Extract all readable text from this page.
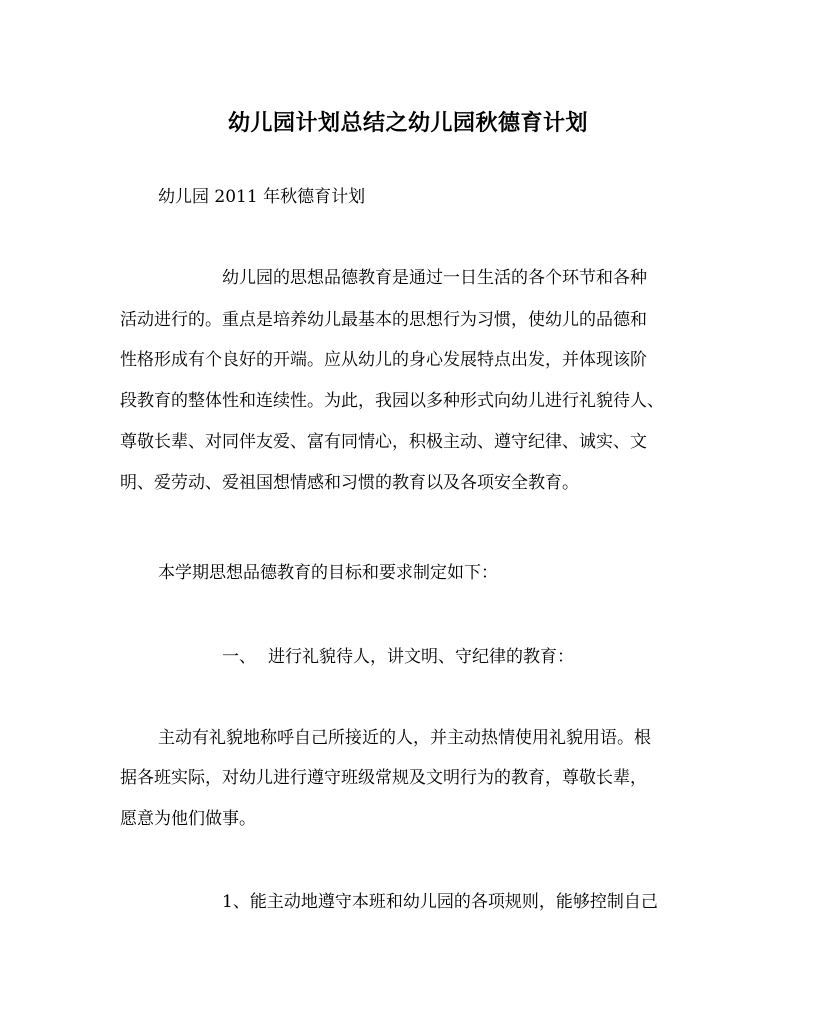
幼儿园计划总结之幼儿园秋德育计划
幼儿园 2011 年秋德育计划
幼儿园的思想品德教育是通过一日生活的各个环节和各种
活动进行的。重点是培养幼儿最基本的思想行为习惯，使幼儿的品德和
性格形成有个良好的开端。应从幼儿的身心发展特点出发，并体现该阶
段教育的整体性和连续性。为此，我园以多种形式向幼儿进行礼貌待人、
尊敬长辈、对同伴友爱、富有同情心，积极主动、遵守纪律、诚实、文
明、爱劳动、爱祖国想情感和习惯的教育以及各项安全教育。
本学期思想品德教育的目标和要求制定如下：
一、 进行礼貌待人，讲文明、守纪律的教育：
主动有礼貌地称呼自己所接近的人，并主动热情使用礼貌用语。根
据各班实际，对幼儿进行遵守班级常规及文明行为的教育，尊敬长辈，
愿意为他们做事。
1、能主动地遵守本班和幼儿园的各项规则，能够控制自己
